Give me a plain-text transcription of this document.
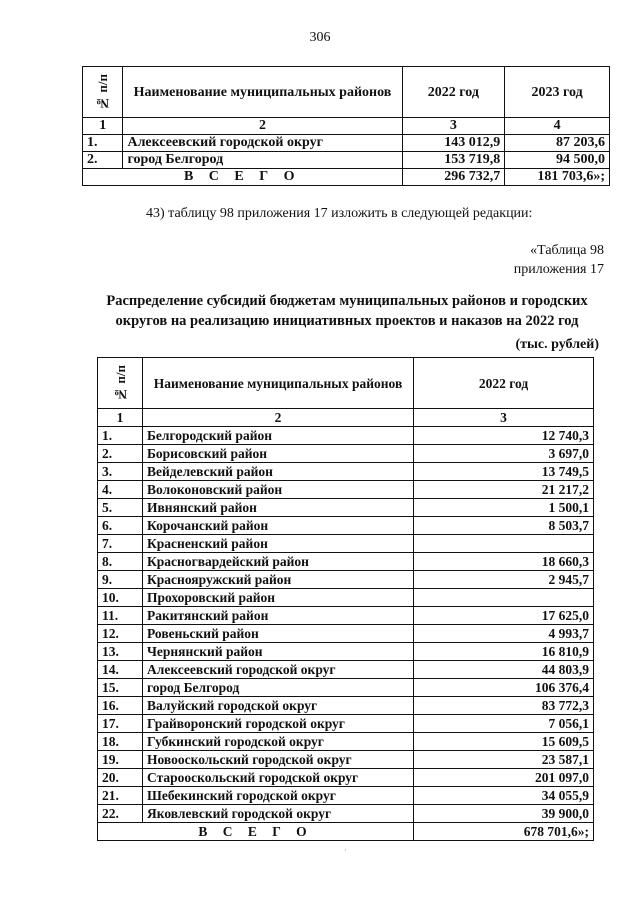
306
№ п/п	Наименование муниципальных районов	2022 год	2023 год
1	2	3	4
1.	Алексеевский городской округ	143 012,9	87 203,6
2.	город Белгород	153 719,8	94 500,0
В С Е Г О		296 732,7	181 703,6»;
43) таблицу 98 приложения 17 изложить в следующей редакции:
«Таблица 98
приложения 17
Распределение субсидий бюджетам муниципальных районов и городских округов на реализацию инициативных проектов и наказов на 2022 год
(тыс. рублей)
№ п/п	Наименование муниципальных районов	2022 год
1	2	3
1.	Белгородский район	12 740,3
2.	Борисовский район	3 697,0
3.	Вейделевский район	13 749,5
4.	Волоконовский район	21 217,2
5.	Ивнянский район	1 500,1
6.	Корочанский район	8 503,7
7.	Красненский район	
8.	Красногвардейский район	18 660,3
9.	Краснояружский район	2 945,7
10.	Прохоровский район	
11.	Ракитянский район	17 625,0
12.	Ровеньский район	4 993,7
13.	Чернянский район	16 810,9
14.	Алексеевский городской округ	44 803,9
15.	город Белгород	106 376,4
16.	Валуйский городской округ	83 772,3
17.	Грайворонский городской округ	7 056,1
18.	Губкинский городской округ	15 609,5
19.	Новооскольский городской округ	23 587,1
20.	Старооскольский городской округ	201 097,0
21.	Шебекинский городской округ	34 055,9
22.	Яковлевский городской округ	39 900,0
В С Е Г О		678 701,6»;
·
